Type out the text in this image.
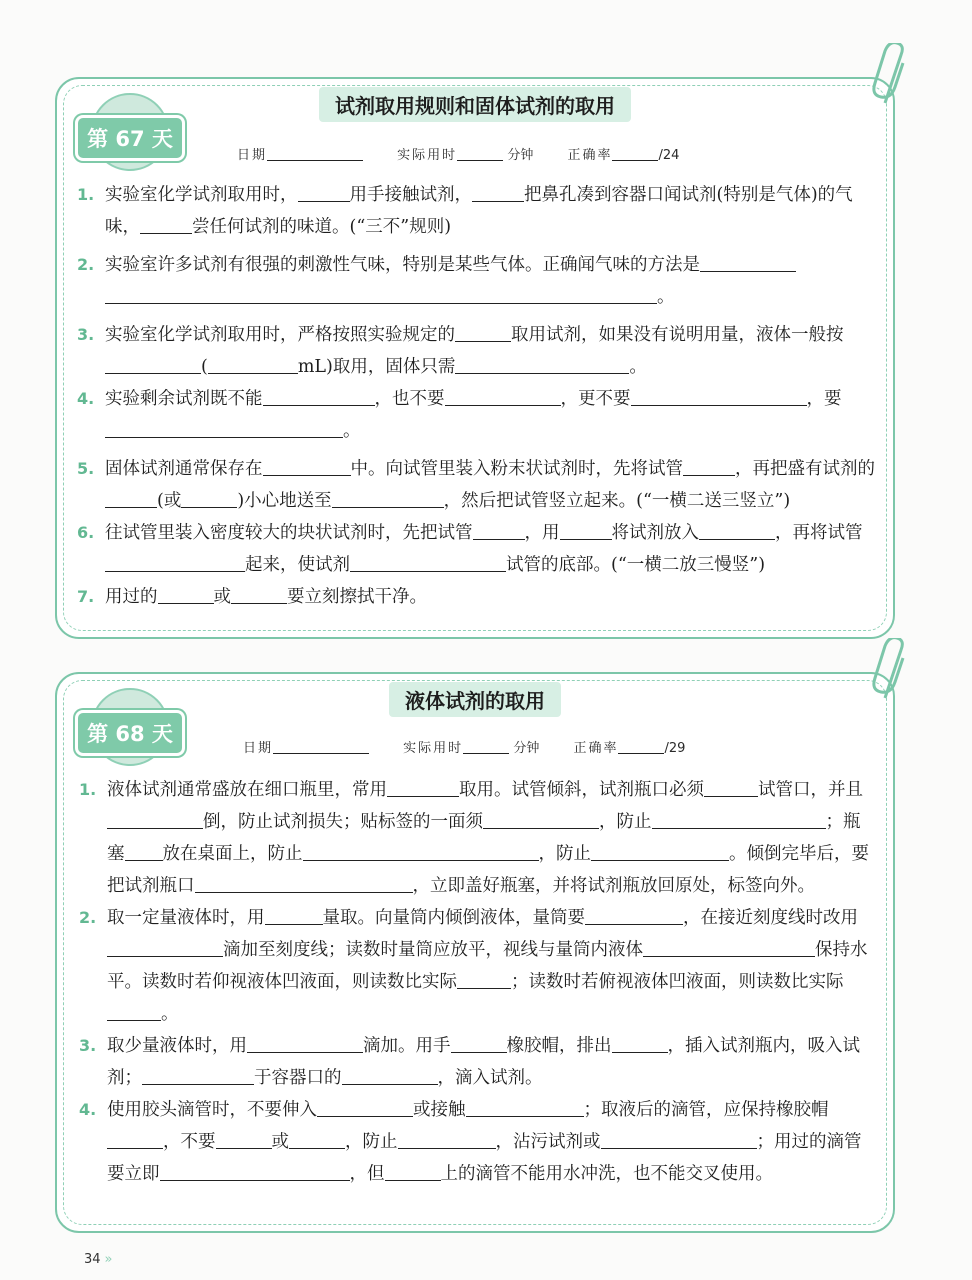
第 67 天
试剂取用规则和固体试剂的取用
日期	实际用时	分钟	正确率	/24
1. 实验室化学试剂取用时，	用手接触试剂，	把鼻孔凑到容器口闻试剂(特别是气体)的气味，	尝任何试剂的味道。(“三不”规则)
2. 实验室许多试剂有很强的刺激性气味，特别是某些气体。正确闻气味的方法是
。
3. 实验室化学试剂取用时，严格按照实验规定的	取用试剂，如果没有说明用量，液体一般按(	mL)取用，固体只需	。
4. 实验剩余试剂既不能	，也不要	，更不要	，要
。
5. 固体试剂通常保存在	中。向试管里装入粉末状试剂时，先将试管	，再把盛有试剂的(或	)小心地送至	，然后把试管竖立起来。(“一横二送三竖立”)
6. 往试管里装入密度较大的块状试剂时，先把试管	，用	将试剂放入	，再将试管起来，使试剂	试管的底部。(“一横二放三慢竖”)
7. 用过的	或	要立刻擦拭干净。
第 68 天
液体试剂的取用
日期	实际用时	分钟	正确率	/29
1. 液体试剂通常盛放在细口瓶里，常用	取用。试管倾斜，试剂瓶口必须	试管口，并且倒，防止试剂损失；贴标签的一面须	，防止	；瓶塞 放在桌面上，防止	，防止	。倾倒完毕后，要把试剂瓶口	，立即盖好瓶塞，并将试剂瓶放回原处，标签向外。
2. 取一定量液体时，用	量取。向量筒内倾倒液体，量筒要	，在接近刻度线时改用滴加至刻度线；读数时量筒应放平，视线与量筒内液体	保持水平。读数时若仰视液体凹液面，则读数比实际	；读数时若俯视液体凹液面，则读数比实际。
3. 取少量液体时，用	滴加。用手	橡胶帽，排出	，插入试剂瓶内，吸入试剂；	于容器口的	，滴入试剂。
4. 使用胶头滴管时，不要伸入	或接触	；取液后的滴管，应保持橡胶帽，不要	或	，防止	，沾污试剂或	；用过的滴管要立即	，但	上的滴管不能用水冲洗，也不能交叉使用。
34 »
